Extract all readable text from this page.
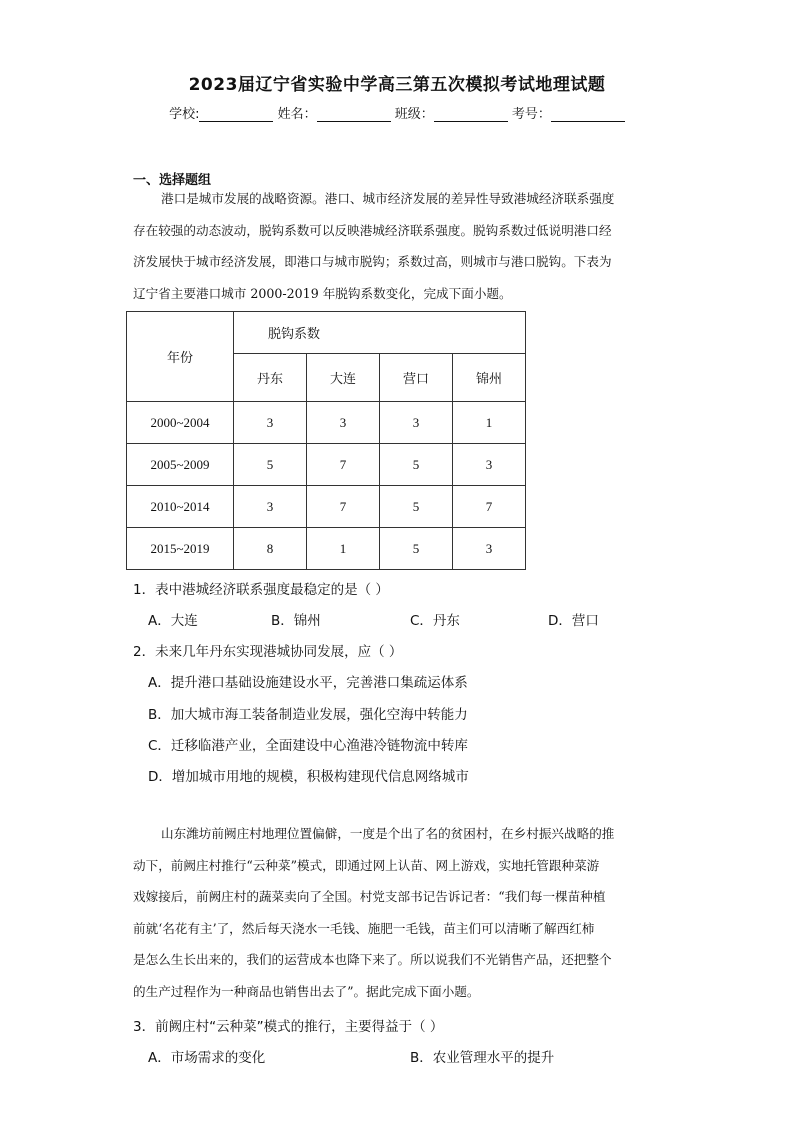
2023届辽宁省实验中学高三第五次模拟考试地理试题
学校:	姓名：	班级：	考号：
一、选择题组
港口是城市发展的战略资源。港口、城市经济发展的差异性导致港城经济联系强度
存在较强的动态波动，脱钩系数可以反映港城经济联系强度。脱钩系数过低说明港口经
济发展快于城市经济发展，即港口与城市脱钩；系数过高，则城市与港口脱钩。下表为
辽宁省主要港口城市 2000-2019 年脱钩系数变化，完成下面小题。
年份	脱钩系数			
	丹东	大连	营口	锦州
2000~2004	3	3	3	1
2005~2009	5	7	5	3
2010~2014	3	7	5	7
2015~2019	8	1	5	3
1．表中港城经济联系强度最稳定的是（ ）
A．大连	B．锦州	C．丹东	D．营口
2．未来几年丹东实现港城协同发展，应（ ）
A．提升港口基础设施建设水平，完善港口集疏运体系
B．加大城市海工装备制造业发展，强化空海中转能力
C．迁移临港产业，全面建设中心渔港冷链物流中转库
D．增加城市用地的规模，积极构建现代信息网络城市
山东潍坊前阙庄村地理位置偏僻，一度是个出了名的贫困村，在乡村振兴战略的推
动下，前阙庄村推行“云种菜”模式，即通过网上认苗、网上游戏，实地托管跟种菜游
戏嫁接后，前阙庄村的蔬菜卖向了全国。村党支部书记告诉记者：“我们每一棵苗种植
前就‘名花有主’了，然后每天浇水一毛钱、施肥一毛钱，苗主们可以清晰了解西红柿
是怎么生长出来的，我们的运营成本也降下来了。所以说我们不光销售产品，还把整个
的生产过程作为一种商品也销售出去了”。据此完成下面小题。
3．前阙庄村“云种菜”模式的推行，主要得益于（ ）
A．市场需求的变化	B．农业管理水平的提升
